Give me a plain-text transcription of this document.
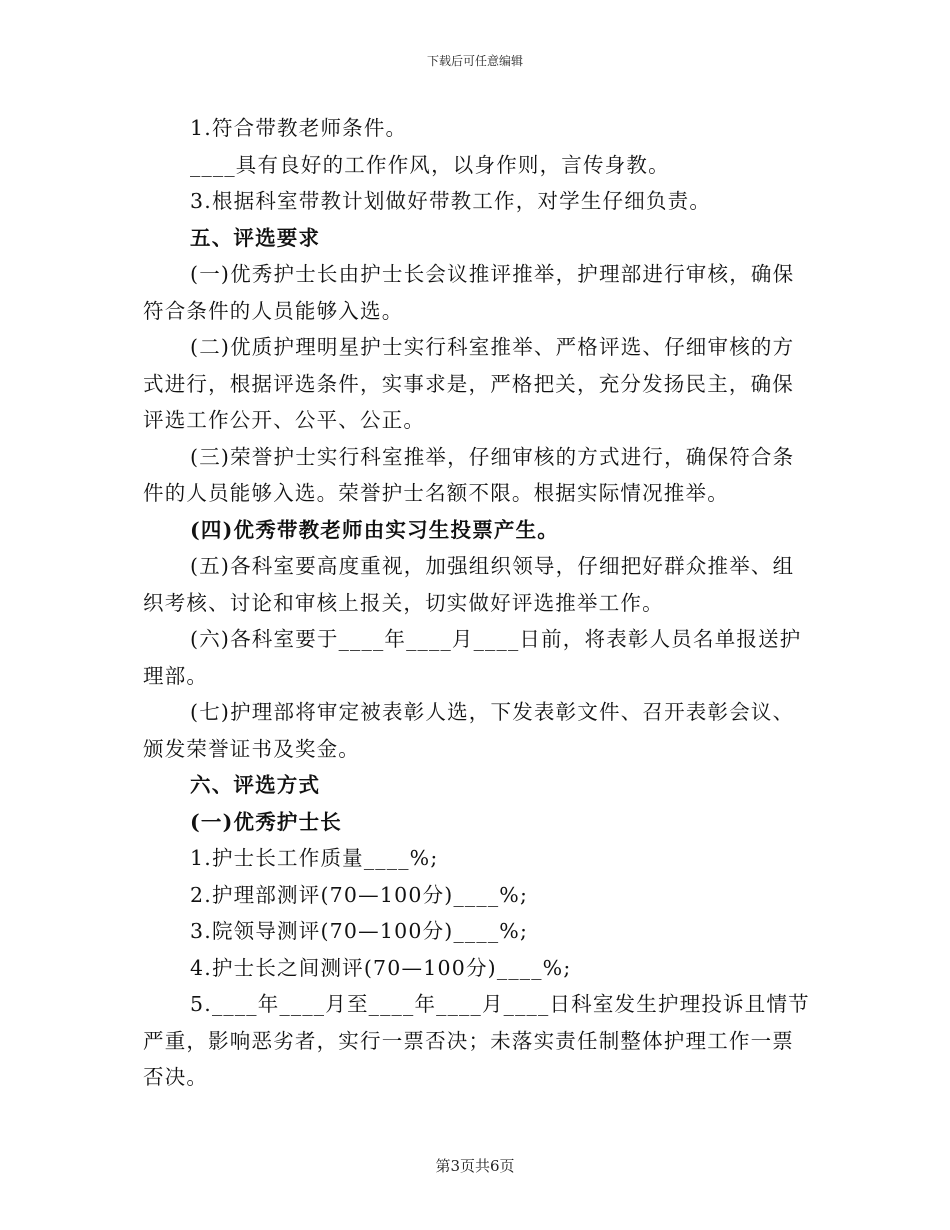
下载后可任意编辑

1.符合带教老师条件。

____具有良好的工作作风，以身作则，言传身教。

3.根据科室带教计划做好带教工作，对学生仔细负责。

五、评选要求

(一)优秀护士长由护士长会议推评推举，护理部进行审核，确保

符合条件的人员能够入选。

(二)优质护理明星护士实行科室推举、严格评选、仔细审核的方

式进行，根据评选条件，实事求是，严格把关，充分发扬民主，确保

评选工作公开、公平、公正。

(三)荣誉护士实行科室推举，仔细审核的方式进行，确保符合条

件的人员能够入选。荣誉护士名额不限。根据实际情况推举。

(四)优秀带教老师由实习生投票产生。

(五)各科室要高度重视，加强组织领导，仔细把好群众推举、组

织考核、讨论和审核上报关，切实做好评选推举工作。

(六)各科室要于____年____月____日前，将表彰人员名单报送护

理部。

(七)护理部将审定被表彰人选，下发表彰文件、召开表彰会议、

颁发荣誉证书及奖金。

六、评选方式

(一)优秀护士长

1.护士长工作质量____%;

2.护理部测评(70—100分)____%;

3.院领导测评(70—100分)____%;

4.护士长之间测评(70—100分)____%;

5.____年____月至____年____月____日科室发生护理投诉且情节

严重，影响恶劣者，实行一票否决；未落实责任制整体护理工作一票

否决。

第3页共6页
